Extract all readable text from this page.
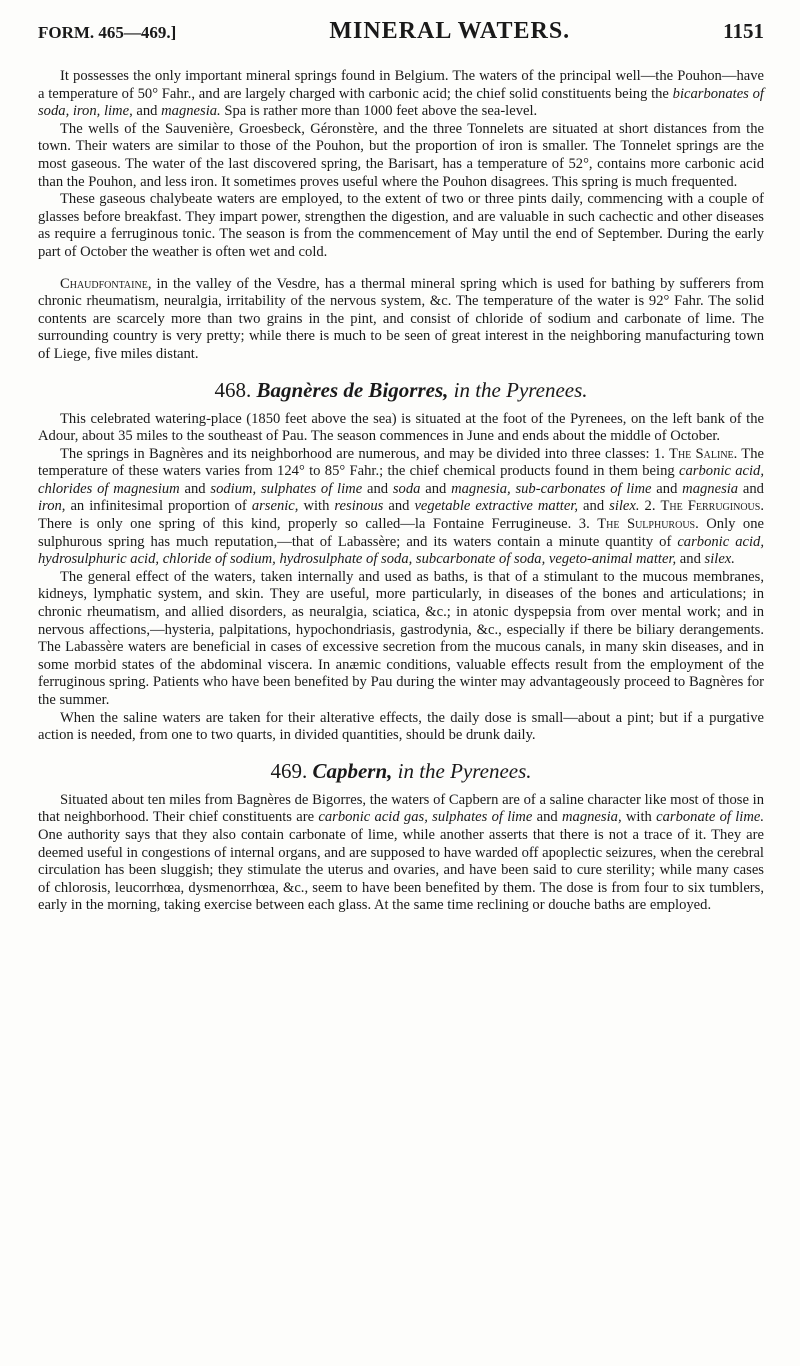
FORM. 465—469.]	MINERAL WATERS.	1151

It possesses the only important mineral springs found in Belgium. The waters of the principal well—the Pouhon—have a temperature of 50° Fahr., and are largely charged with carbonic acid; the chief solid constituents being the bicarbonates of soda, iron, lime, and magnesia. Spa is rather more than 1000 feet above the sea-level.

The wells of the Sauvenière, Groesbeck, Géronstère, and the three Tonnelets are situated at short distances from the town. Their waters are similar to those of the Pouhon, but the proportion of iron is smaller. The Tonnelet springs are the most gaseous. The water of the last discovered spring, the Barisart, has a temperature of 52°, contains more carbonic acid than the Pouhon, and less iron. It sometimes proves useful where the Pouhon disagrees. This spring is much frequented.

These gaseous chalybeate waters are employed, to the extent of two or three pints daily, commencing with a couple of glasses before breakfast. They impart power, strengthen the digestion, and are valuable in such cachectic and other diseases as require a ferruginous tonic. The season is from the commencement of May until the end of September. During the early part of October the weather is often wet and cold.

Chaudfontaine, in the valley of the Vesdre, has a thermal mineral spring which is used for bathing by sufferers from chronic rheumatism, neuralgia, irritability of the nervous system, &c. The temperature of the water is 92° Fahr. The solid contents are scarcely more than two grains in the pint, and consist of chloride of sodium and carbonate of lime. The surrounding country is very pretty; while there is much to be seen of great interest in the neighboring manufacturing town of Liege, five miles distant.

468. Bagnères de Bigorres, in the Pyrenees.

This celebrated watering-place (1850 feet above the sea) is situated at the foot of the Pyrenees, on the left bank of the Adour, about 35 miles to the southeast of Pau. The season commences in June and ends about the middle of October.

The springs in Bagnères and its neighborhood are numerous, and may be divided into three classes: 1. The Saline. The temperature of these waters varies from 124° to 85° Fahr.; the chief chemical products found in them being carbonic acid, chlorides of magnesium and sodium, sulphates of lime and soda and magnesia, sub-carbonates of lime and magnesia and iron, an infinitesimal proportion of arsenic, with resinous and vegetable extractive matter, and silex. 2. The Ferruginous. There is only one spring of this kind, properly so called—la Fontaine Ferrugineuse. 3. The Sulphurous. Only one sulphurous spring has much reputation,—that of Labassère; and its waters contain a minute quantity of carbonic acid, hydrosulphuric acid, chloride of sodium, hydrosulphate of soda, subcarbonate of soda, vegeto-animal matter, and silex.

The general effect of the waters, taken internally and used as baths, is that of a stimulant to the mucous membranes, kidneys, lymphatic system, and skin. They are useful, more particularly, in diseases of the bones and articulations; in chronic rheumatism, and allied disorders, as neuralgia, sciatica, &c.; in atonic dyspepsia from over mental work; and in nervous affections,—hysteria, palpitations, hypochondriasis, gastrodynia, &c., especially if there be biliary derangements. The Labassère waters are beneficial in cases of excessive secretion from the mucous canals, in many skin diseases, and in some morbid states of the abdominal viscera. In anæmic conditions, valuable effects result from the employment of the ferruginous spring. Patients who have been benefited by Pau during the winter may advantageously proceed to Bagnères for the summer.

When the saline waters are taken for their alterative effects, the daily dose is small—about a pint; but if a purgative action is needed, from one to two quarts, in divided quantities, should be drunk daily.

469. Capbern, in the Pyrenees.

Situated about ten miles from Bagnères de Bigorres, the waters of Capbern are of a saline character like most of those in that neighborhood. Their chief constituents are carbonic acid gas, sulphates of lime and magnesia, with carbonate of lime. One authority says that they also contain carbonate of lime, while another asserts that there is not a trace of it. They are deemed useful in congestions of internal organs, and are supposed to have warded off apoplectic seizures, when the cerebral circulation has been sluggish; they stimulate the uterus and ovaries, and have been said to cure sterility; while many cases of chlorosis, leucorrhœa, dysmenorrhœa, &c., seem to have been benefited by them. The dose is from four to six tumblers, early in the morning, taking exercise between each glass. At the same time reclining or douche baths are employed.
